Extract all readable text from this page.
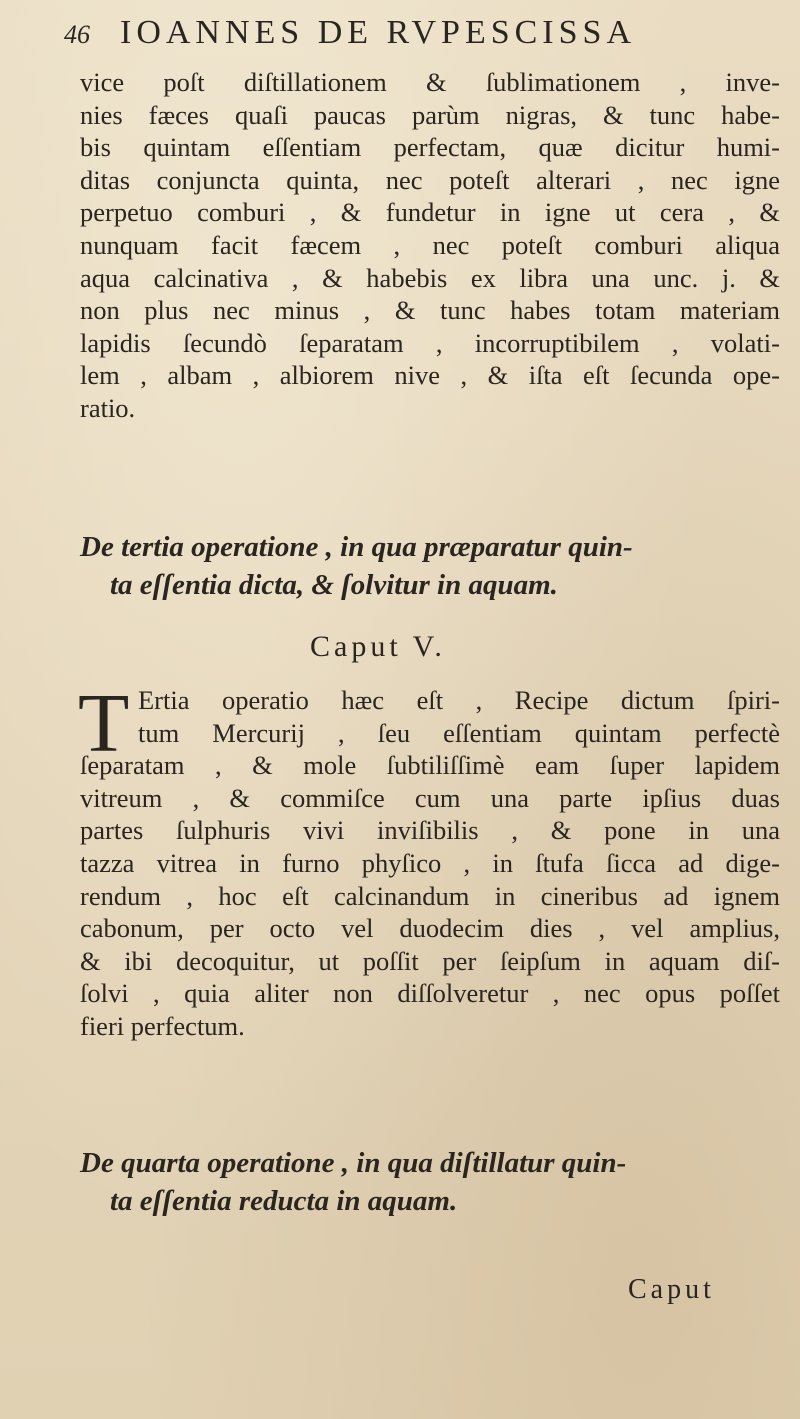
46 IOANNES DE RVPESCISSA
vice poſt diſtillationem & ſublimationem , inve-
nies fæces quaſi paucas parùm nigras, & tunc habe-
bis quintam eſſentiam perfectam, quæ dicitur humi-
ditas conjuncta quinta, nec poteſt alterari , nec igne
perpetuo comburi , & fundetur in igne ut cera , &
nunquam facit fæcem , nec poteſt comburi aliqua
aqua calcinativa , & habebis ex libra una unc. j. &
non plus nec minus , & tunc habes totam materiam
lapidis ſecundò ſeparatam , incorruptibilem , volati-
lem , albam , albiorem nive , & iſta eſt ſecunda ope-
ratio.
De tertia operatione , in qua præparatur quin-
ta eſſentia dicta, & ſolvitur in aquam.
Caput V.
T Ertia operatio hæc eſt , Recipe dictum ſpiri-
tum Mercurij , ſeu eſſentiam quintam perfectè
ſeparatam , & mole ſubtiliſſimè eam ſuper lapidem
vitreum , & commiſce cum una parte ipſius duas
partes ſulphuris vivi inviſibilis , & pone in una
tazza vitrea in furno phyſico , in ſtufa ſicca ad dige-
rendum , hoc eſt calcinandum in cineribus ad ignem
cabonum, per octo vel duodecim dies , vel amplius,
& ibi decoquitur, ut poſſit per ſeipſum in aquam diſ-
ſolvi , quia aliter non diſſolveretur , nec opus poſſet
fieri perfectum.
De quarta operatione , in qua diſtillatur quin-
ta eſſentia reducta in aquam.
Caput
